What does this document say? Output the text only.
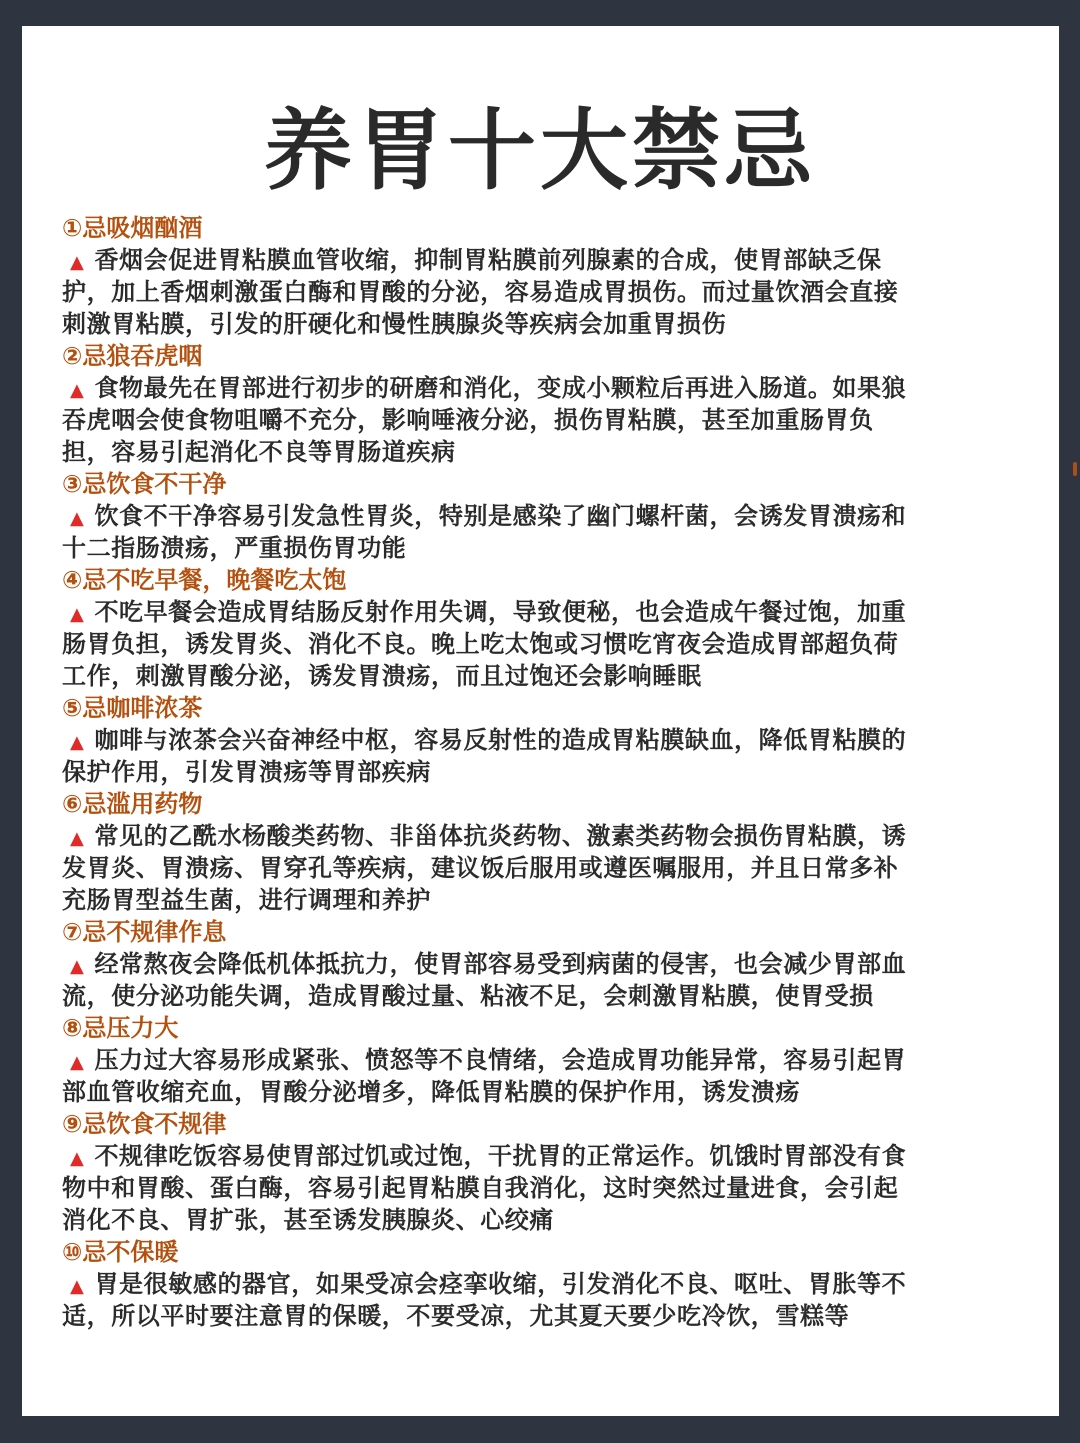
养胃十大禁忌
①忌吸烟酗酒
▲ 香烟会促进胃粘膜血管收缩，抑制胃粘膜前列腺素的合成，使胃部缺乏保
护，加上香烟刺激蛋白酶和胃酸的分泌，容易造成胃损伤。而过量饮酒会直接
刺激胃粘膜，引发的肝硬化和慢性胰腺炎等疾病会加重胃损伤
②忌狼吞虎咽
▲ 食物最先在胃部进行初步的研磨和消化，变成小颗粒后再进入肠道。如果狼
吞虎咽会使食物咀嚼不充分，影响唾液分泌，损伤胃粘膜，甚至加重肠胃负
担，容易引起消化不良等胃肠道疾病
③忌饮食不干净
▲ 饮食不干净容易引发急性胃炎，特别是感染了幽门螺杆菌，会诱发胃溃疡和
十二指肠溃疡，严重损伤胃功能
④忌不吃早餐，晚餐吃太饱
▲ 不吃早餐会造成胃结肠反射作用失调，导致便秘，也会造成午餐过饱，加重
肠胃负担，诱发胃炎、消化不良。晚上吃太饱或习惯吃宵夜会造成胃部超负荷
工作，刺激胃酸分泌，诱发胃溃疡，而且过饱还会影响睡眠
⑤忌咖啡浓茶
▲ 咖啡与浓茶会兴奋神经中枢，容易反射性的造成胃粘膜缺血，降低胃粘膜的
保护作用，引发胃溃疡等胃部疾病
⑥忌滥用药物
▲ 常见的乙酰水杨酸类药物、非甾体抗炎药物、激素类药物会损伤胃粘膜，诱
发胃炎、胃溃疡、胃穿孔等疾病，建议饭后服用或遵医嘱服用，并且日常多补
充肠胃型益生菌，进行调理和养护
⑦忌不规律作息
▲ 经常熬夜会降低机体抵抗力，使胃部容易受到病菌的侵害，也会减少胃部血
流，使分泌功能失调，造成胃酸过量、粘液不足，会刺激胃粘膜，使胃受损
⑧忌压力大
▲ 压力过大容易形成紧张、愤怒等不良情绪，会造成胃功能异常，容易引起胃
部血管收缩充血，胃酸分泌增多，降低胃粘膜的保护作用，诱发溃疡
⑨忌饮食不规律
▲ 不规律吃饭容易使胃部过饥或过饱，干扰胃的正常运作。饥饿时胃部没有食
物中和胃酸、蛋白酶，容易引起胃粘膜自我消化，这时突然过量进食，会引起
消化不良、胃扩张，甚至诱发胰腺炎、心绞痛
⑩忌不保暖
▲ 胃是很敏感的器官，如果受凉会痉挛收缩，引发消化不良、呕吐、胃胀等不
适，所以平时要注意胃的保暖，不要受凉，尤其夏天要少吃冷饮，雪糕等
